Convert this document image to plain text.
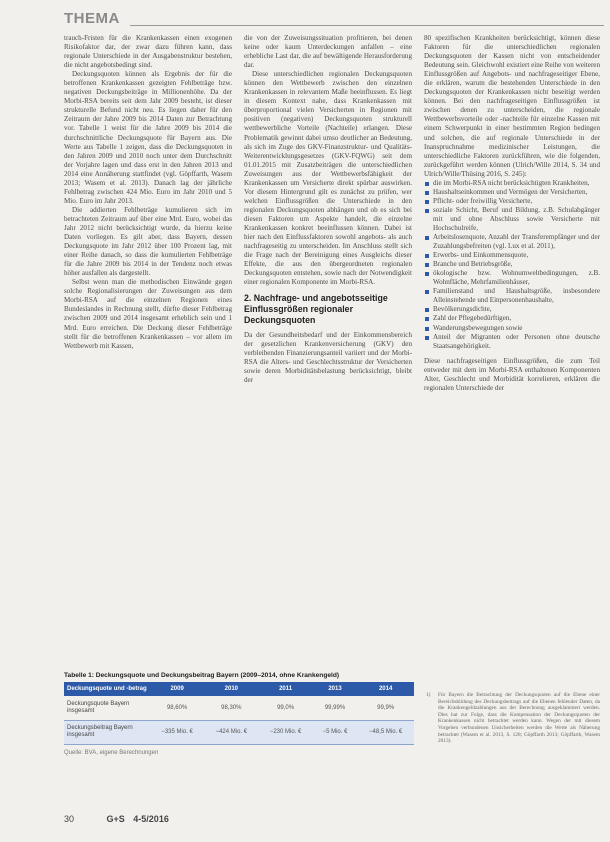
THEMA

trauch-Fristen für die Krankenkassen einen exogenen Risikofaktor dar, der zwar dazu führen kann, dass regionale Unterschiede in der Ausgabenstruktur bestehen, die nicht angebotsbedingt sind.

Deckungsquoten können als Ergebnis der für die betroffenen Krankenkassen gezeigten Fehlbeträge bzw. negativen Deckungsbeiträge in Millionenhöhe. Da der Morbi-RSA bereits seit dem Jahr 2009 besteht, ist dieser strukturelle Befund nicht neu. Es liegen daher für den Zeitraum der Jahre 2009 bis 2014 Daten zur Betrachtung vor. Tabelle 1 weist für die Jahre 2009 bis 2014 die durchschnittliche Deckungsquote für Bayern aus. Die Werte aus Tabelle 1 zeigen, dass die Deckungsquoten in den Jahren 2009 und 2010 noch unter dem Durchschnitt der Vorjahre lagen und dass erst in den Jahren 2013 und 2014 eine Annäherung stattfindet (vgl. Göpffarth, Wasem 2013; Wasem et al. 2013). Danach lag der jährliche Fehlbetrag zwischen 424 Mio. Euro im Jahr 2010 und 5 Mio. Euro im Jahr 2013.

Die addierten Fehlbeträge kumulieren sich im betrachteten Zeitraum auf über eine Mrd. Euro, wobei das Jahr 2012 nicht berücksichtigt wurde, da hierzu keine Daten vorliegen. Es gilt aber, dass Bayern, dessen Deckungsquote im Jahr 2012 über 100 Prozent lag, mit einer Reihe danach, so dass die kumulierten Fehlbeträge für die Jahre 2009 bis 2014 in der Tendenz noch etwas höher ausfallen als dargestellt.

Selbst wenn man die methodischen Einwände gegen solche Regionalisierungen der Zuweisungen aus dem Morbi-RSA auf die einzelnen Regionen eines Bundeslandes in Rechnung stellt, dürfte dieser Fehlbetrag zwischen 2009 und 2014 insgesamt erheblich sein und 1 Mrd. Euro erreichen. Die Deckung dieser Fehlbeträge stellt für die betroffenen Krankenkassen – vor allem im Wettbewerb mit Kassen,

die von der Zuweisungssituation profitieren, bei denen keine oder kaum Unterdeckungen anfallen – eine erhebliche Last dar, die auf bewältigende Herausforderung dar.

Diese unterschiedlichen regionalen Deckungsquoten können den Wettbewerb zwischen den einzelnen Krankenkassen in relevantem Maße beeinflussen. Es liegt in diesem Kontext nahe, dass Krankenkassen mit überproportional vielen Versicherten in Regionen mit positiven (negativen) Deckungsquoten strukturell wettbewerbliche Vorteile (Nachteile) erlangen. Diese Problematik gewinnt dabei umso deutlicher an Bedeutung, als sich im Zuge des GKV-Finanzstruktur- und Qualitäts-Weiterentwicklungsgesetzes (GKV-FQWG) seit dem 01.01.2015 mit Zusatzbeiträgen die unterschiedlichen Zuweisungen aus der Wettbewerbsfähigkeit der Krankenkassen um Versicherte direkt spürbar auswirken. Vor diesem Hintergrund gilt es zunächst zu prüfen, wer welchen Einflussgrößen die Unterschiede in den regionalen Deckungsquoten abhängen und ob es sich bei diesen Faktoren um Aspekte handelt, die einzelne Krankenkassen konkret beeinflussen können. Dabei ist hier nach den Einflussfaktoren sowohl angebots- als auch nachfrageseitig zu unterscheiden. Im Anschluss stellt sich die Frage nach der Bereinigung eines Ausgleichs dieser Effekte, die aus den übergeordneten regionalen Deckungsquoten entstehen, sowie nach der Notwendigkeit einer regionalen Komponente im Morbi-RSA.

2. Nachfrage- und angebotsseitige Einflussgrößen regionaler Deckungsquoten

Da der Gesundheitsbedarf und der Einkommensbereich der gesetzlichen Krankenversicherung (GKV) den verbleibenden Finanzierungsanteil variiert und der Morbi-RSA die Alters- und Geschlechtsstruktur der Versicherten sowie deren Morbiditätsbelastung berücksichtigt, bleibt der

80 spezifischen Krankheiten berücksichtigt, können diese Faktoren für die unterschiedlichen regionalen Deckungsquoten der Kassen nicht von entscheidender Bedeutung sein. Gleichwohl existiert eine Reihe von weiteren Einflussgrößen auf Angebots- und nachfrageseitiger Ebene, die erklären, warum die bestehenden Unterschiede in den Deckungsquoten der Krankenkassen nicht beseitigt werden können. Bei den nachfrageseitigen Einflussgrößen ist zwischen denen zu unterscheiden, die regionale Wettbewerbsvorteile oder -nachteile für einzelne Kassen mit einem Schwerpunkt in einer bestimmten Region bedingen und solchen, die auf regionale Unterschiede in der Inanspruchnahme medizinischer Leistungen, die unterschiedliche Faktoren zurückführen, wie die folgenden, zurückgeführt werden können (Ulrich/Wille 2014, S. 34 und Ulrich/Wille/Thüsing 2016, S. 245):

die im Morbi-RSA nicht berücksichtigten Krankheiten,
Haushaltseinkommen und Vermögen der Versicherten,
Pflicht- oder freiwillig Versicherte,
soziale Schicht, Beruf und Bildung, z.B. Schulabgänger mit und ohne Abschluss sowie Versicherte mit Hochschulreife,
Arbeitslosenquote, Anzahl der Transferempfänger und der Zuzahlungsbefreiten (vgl. Lux et al. 2011),
Erwerbs- und Einkommensquote,
Branche und Betriebsgröße,
ökologische bzw. Wohnumweltbedingungen, z.B. Wohnfläche, Mehrfamilienhäuser,
Familienstand und Haushaltsgröße, insbesondere Alleinstehende und Einpersonenhaushalte,
Bevölkerungsdichte,
Zahl der Pflegebedürftigen,
Wanderungsbewegungen sowie
Anteil der Migranten oder Personen ohne deutsche Staatsangehörigkeit.

Diese nachfrageseitigen Einflussgrößen, die zum Teil entweder mit dem im Morbi-RSA enthaltenen Komponenten Alter, Geschlecht und Morbidität korrelieren, erklären die regionalen Unterschiede der

Tabelle 1: Deckungsquote und Deckungsbeitrag Bayern (2009–2014, ohne Krankengeld)
Deckungsquote und -betrag	2009	2010	2011	2013	2014
Deckungsquote Bayern insgesamt	98,60%	98,30%	99,0%	99,99%	99,9%
Deckungsbeitrag Bayern insgesamt	−335 Mio. €	−424 Mio. €	−230 Mio. €	−5 Mio. €	−48,5 Mio. €
Quelle: BVA, eigene Berechnungen
1) Für Bayern die Betrachtung der Deckungsquoten auf die Ebene einer Bereichsbildung des Deckungsbeitrags auf die Ebenen fehlender Daten, da die Krankengeldzahlungen aus der Berechnung ausgeklammert werden. Dies hat zur Folge, dass die Kompensation der Deckungsquoten der Krankenkassen nicht betrachtet werden kann. Wegen der mit diesem Vorgehen verbundenen Unsicherheiten werden die Werte als Näherung betrachtet (Wasem et al. 2013, S. 128; Göpffarth 2013; Göpffarth, Wasem 2013).
30	G+S 4-5/2016
